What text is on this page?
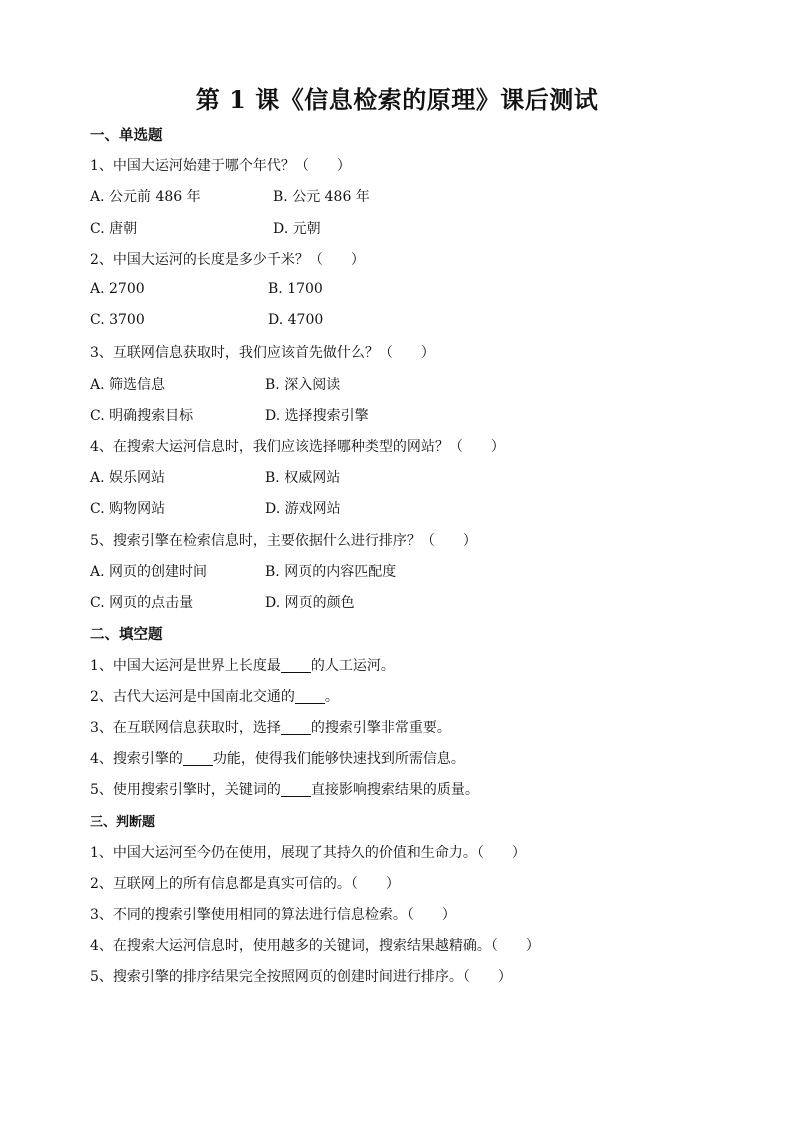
第 1 课《信息检索的原理》课后测试
一、单选题
1、中国大运河始建于哪个年代？（　　）
A. 公元前 486 年	B. 公元 486 年
C. 唐朝	D. 元朝
2、中国大运河的长度是多少千米？（　　）
A. 2700	B. 1700
C. 3700	D. 4700
3、互联网信息获取时，我们应该首先做什么？（　　）
A. 筛选信息	B. 深入阅读
C. 明确搜索目标	D. 选择搜索引擎
4、在搜索大运河信息时，我们应该选择哪种类型的网站？（　　）
A. 娱乐网站	B. 权威网站
C. 购物网站	D. 游戏网站
5、搜索引擎在检索信息时，主要依据什么进行排序？（　　）
A. 网页的创建时间	B. 网页的内容匹配度
C. 网页的点击量	D. 网页的颜色
二、填空题
1、中国大运河是世界上长度最 的人工运河。
2、古代大运河是中国南北交通的 。
3、在互联网信息获取时，选择 的搜索引擎非常重要。
4、搜索引擎的 功能，使得我们能够快速找到所需信息。
5、使用搜索引擎时，关键词的 直接影响搜索结果的质量。
三、判断题
1、中国大运河至今仍在使用，展现了其持久的价值和生命力。（　　）
2、互联网上的所有信息都是真实可信的。（　　）
3、不同的搜索引擎使用相同的算法进行信息检索。（　　）
4、在搜索大运河信息时，使用越多的关键词，搜索结果越精确。（　　）
5、搜索引擎的排序结果完全按照网页的创建时间进行排序。（　　）
